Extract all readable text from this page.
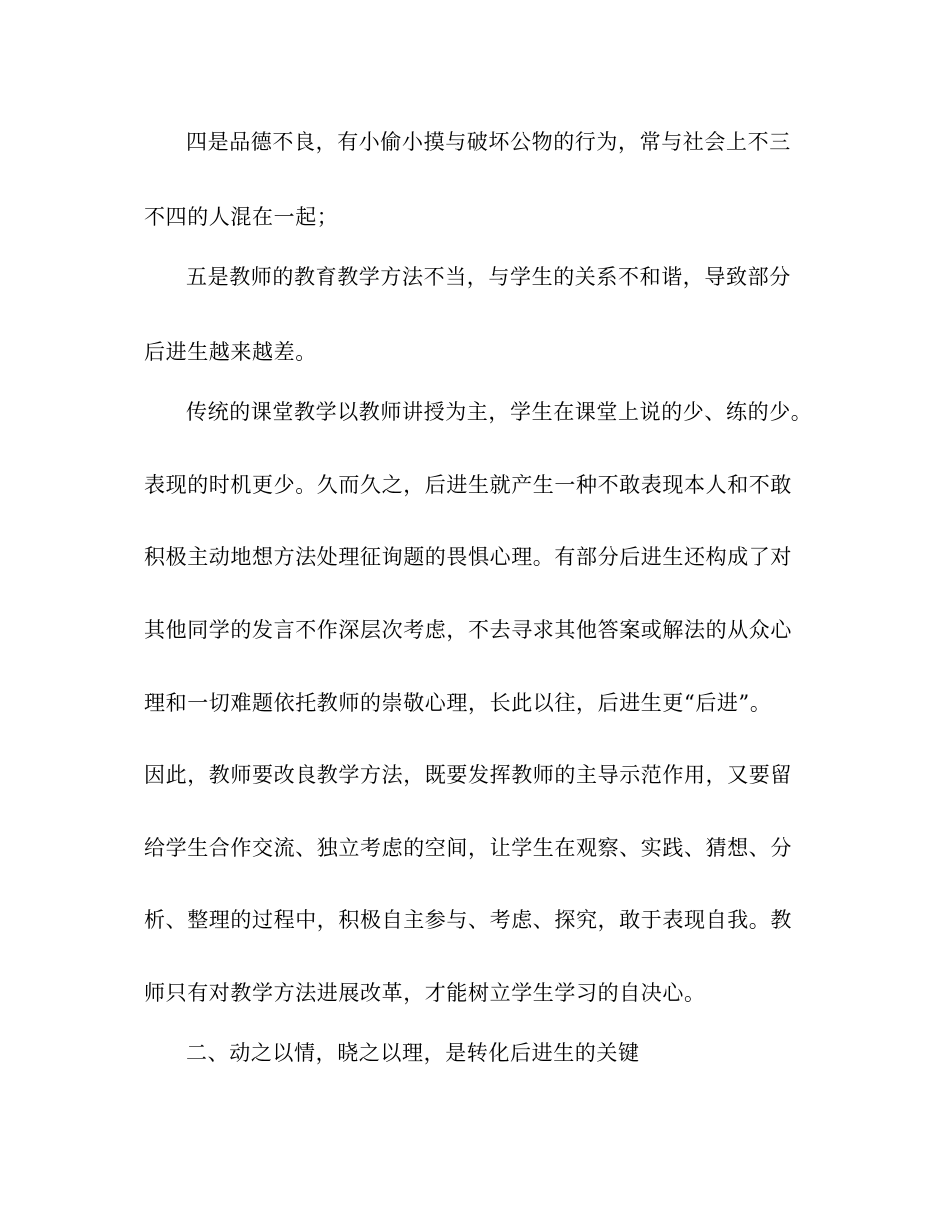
四是品德不良，有小偷小摸与破坏公物的行为，常与社会上不三

不四的人混在一起；

五是教师的教育教学方法不当，与学生的关系不和谐，导致部分

后进生越来越差。

传统的课堂教学以教师讲授为主，学生在课堂上说的少、练的少。

表现的时机更少。久而久之，后进生就产生一种不敢表现本人和不敢

积极主动地想方法处理征询题的畏惧心理。有部分后进生还构成了对

其他同学的发言不作深层次考虑，不去寻求其他答案或解法的从众心

理和一切难题依托教师的崇敬心理，长此以往，后进生更“后进”。

因此，教师要改良教学方法，既要发挥教师的主导示范作用，又要留

给学生合作交流、独立考虑的空间，让学生在观察、实践、猜想、分

析、整理的过程中，积极自主参与、考虑、探究，敢于表现自我。教

师只有对教学方法进展改革，才能树立学生学习的自决心。

二、动之以情，晓之以理，是转化后进生的关键
